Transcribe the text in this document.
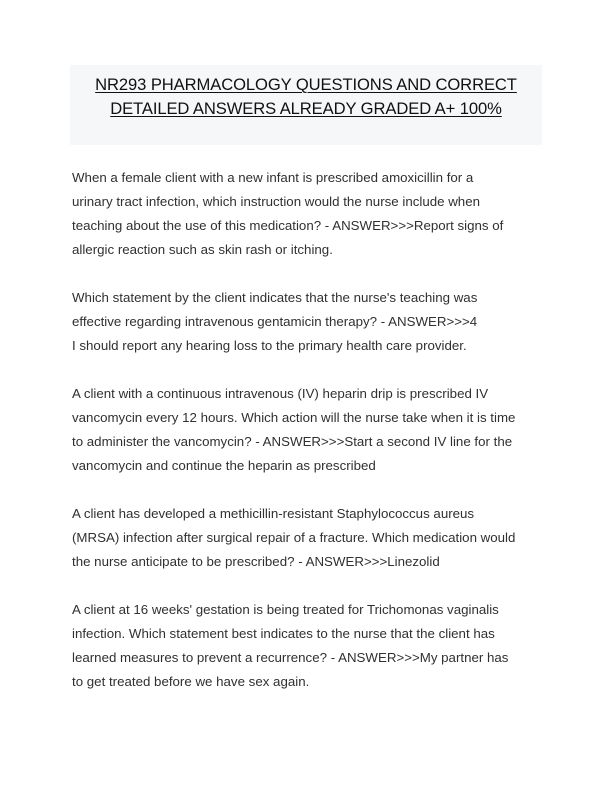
NR293 PHARMACOLOGY QUESTIONS AND CORRECT
DETAILED ANSWERS ALREADY GRADED A+ 100%
When a female client with a new infant is prescribed amoxicillin for a
urinary tract infection, which instruction would the nurse include when
teaching about the use of this medication? - ANSWER>>>Report signs of
allergic reaction such as skin rash or itching.
Which statement by the client indicates that the nurse's teaching was
effective regarding intravenous gentamicin therapy? - ANSWER>>>4
I should report any hearing loss to the primary health care provider.
A client with a continuous intravenous (IV) heparin drip is prescribed IV
vancomycin every 12 hours. Which action will the nurse take when it is time
to administer the vancomycin? - ANSWER>>>Start a second IV line for the
vancomycin and continue the heparin as prescribed
A client has developed a methicillin-resistant Staphylococcus aureus
(MRSA) infection after surgical repair of a fracture. Which medication would
the nurse anticipate to be prescribed? - ANSWER>>>Linezolid
A client at 16 weeks' gestation is being treated for Trichomonas vaginalis
infection. Which statement best indicates to the nurse that the client has
learned measures to prevent a recurrence? - ANSWER>>>My partner has
to get treated before we have sex again.
